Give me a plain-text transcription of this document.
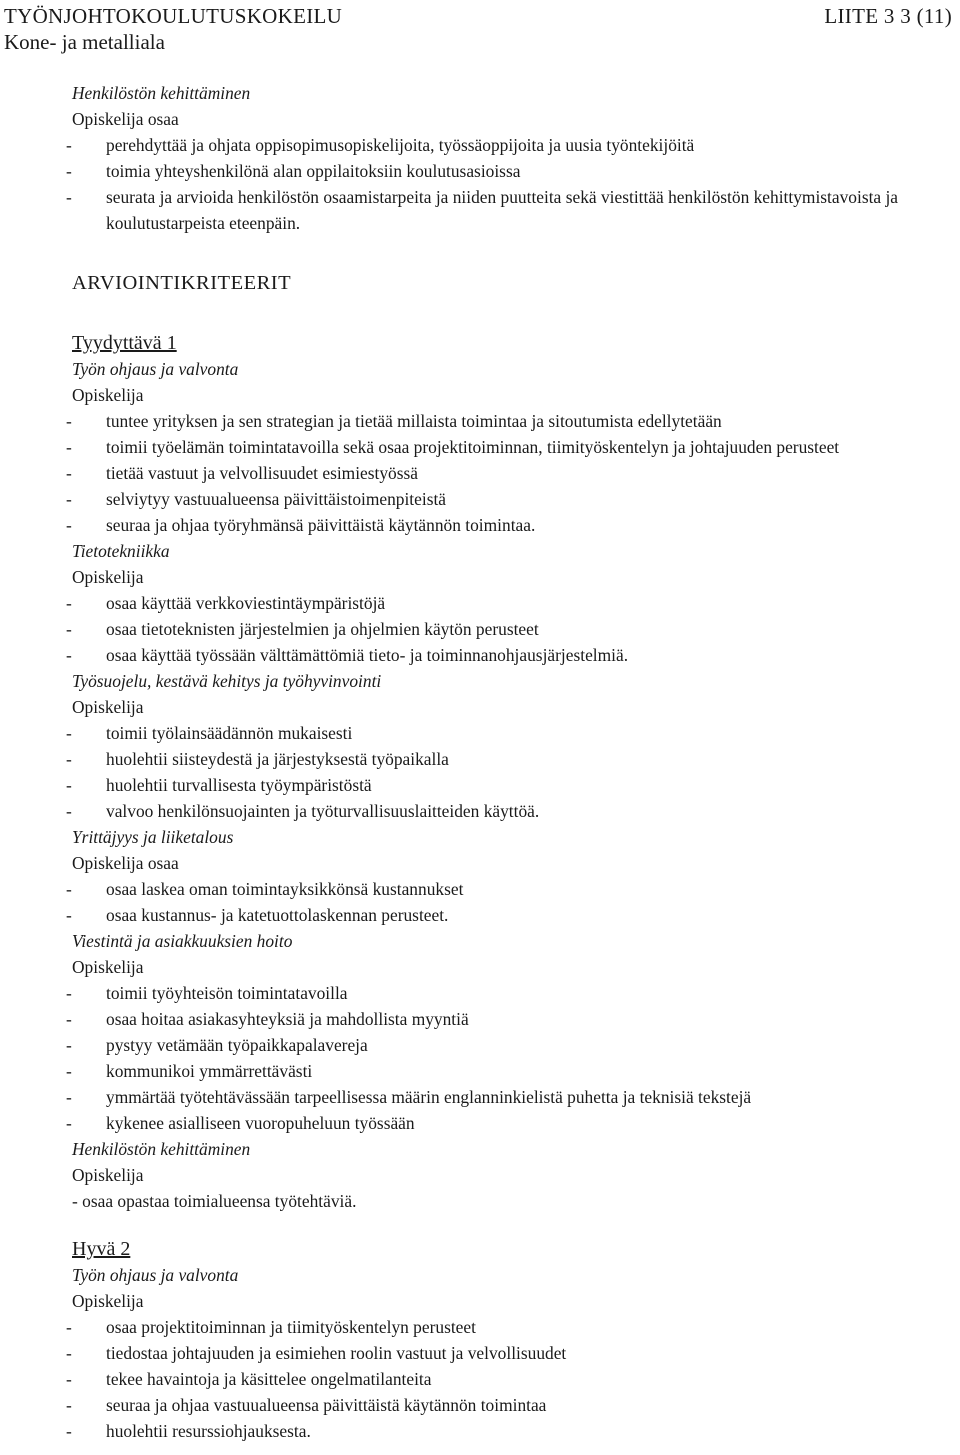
TYÖNJOHTOKOULUTUSKOKEILU
Kone- ja metalliala
LIITE 3 3 (11)
Henkilöstön kehittäminen
Opiskelija osaa
- perehdyttää ja ohjata oppisopimusopiskelijoita, työssäoppijoita ja uusia työntekijöitä
- toimia yhteyshenkilönä alan oppilaitoksiin koulutusasioissa
- seurata ja arvioida henkilöstön osaamistarpeita ja niiden puutteita sekä viestittää henkilöstön kehittymistavoista ja koulutustarpeista eteenpäin.
ARVIOINTIKRITEERIT
Tyydyttävä 1
Työn ohjaus ja valvonta
Opiskelija
- tuntee yrityksen ja sen strategian ja tietää millaista toimintaa ja sitoutumista edellytetään
- toimii työelämän toimintatavoilla sekä osaa projektitoiminnan, tiimityöskentelyn ja johtajuuden perusteet
- tietää vastuut ja velvollisuudet esimiestyössä
- selviytyy vastuualueensa päivittäistoimenpiteistä
- seuraa ja ohjaa työryhmänsä päivittäistä käytännön toimintaa.
Tietotekniikka
Opiskelija
- osaa käyttää verkkoviestintäympäristöjä
- osaa tietoteknisten järjestelmien ja ohjelmien käytön perusteet
- osaa käyttää työssään välttämättömiä tieto- ja toiminnanohjausjärjestelmiä.
Työsuojelu, kestävä kehitys ja työhyvinvointi
Opiskelija
- toimii työlainsäädännön mukaisesti
- huolehtii siisteydestä ja järjestyksestä työpaikalla
- huolehtii turvallisesta työympäristöstä
- valvoo henkilönsuojainten ja työturvallisuuslaitteiden käyttöä.
Yrittäjyys ja liiketalous
Opiskelija osaa
- osaa laskea oman toimintayksikkönsä kustannukset
- osaa kustannus- ja katetuottolaskennan perusteet.
Viestintä ja asiakkuuksien hoito
Opiskelija
- toimii työyhteisön toimintatavoilla
- osaa hoitaa asiakasyhteyksiä ja mahdollista myyntiä
- pystyy vetämään työpaikkapalavereja
- kommunikoi ymmärrettävästi
- ymmärtää työtehtävässään tarpeellisessa määrin englanninkielistä puhetta ja teknisiä tekstejä
- kykenee asialliseen vuoropuheluun työssään
Henkilöstön kehittäminen
Opiskelija
- osaa opastaa toimialueensa työtehtäviä.
Hyvä 2
Työn ohjaus ja valvonta
Opiskelija
- osaa projektitoiminnan ja tiimityöskentelyn perusteet
- tiedostaa johtajuuden ja esimiehen roolin vastuut ja velvollisuudet
- tekee havaintoja ja käsittelee ongelmatilanteita
- seuraa ja ohjaa vastuualueensa päivittäistä käytännön toimintaa
- huolehtii resurssiohjauksesta.
